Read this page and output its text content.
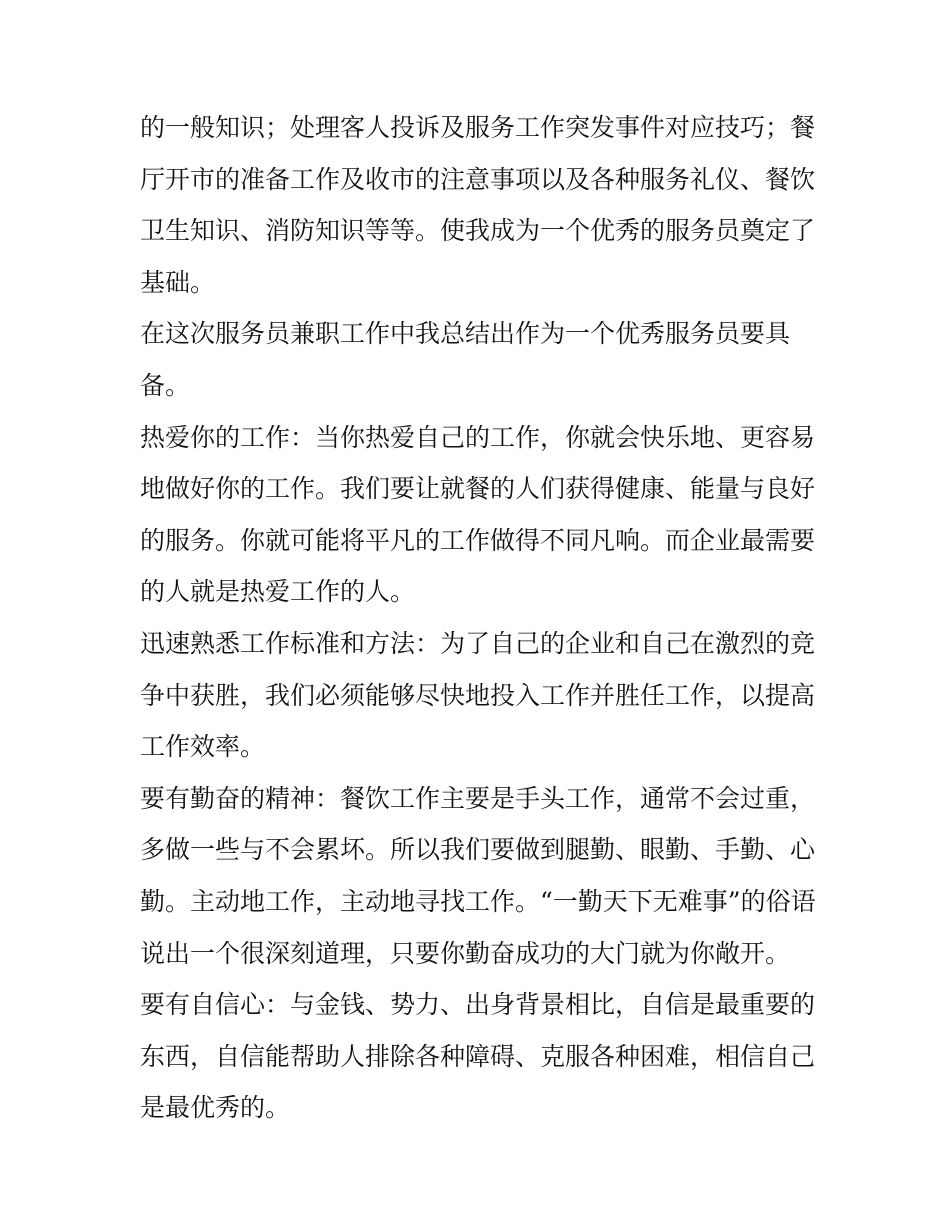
的一般知识；处理客人投诉及服务工作突发事件对应技巧；餐
厅开市的准备工作及收市的注意事项以及各种服务礼仪、餐饮
卫生知识、消防知识等等。使我成为一个优秀的服务员奠定了
基础。
在这次服务员兼职工作中我总结出作为一个优秀服务员要具
备。
热爱你的工作：当你热爱自己的工作，你就会快乐地、更容易
地做好你的工作。我们要让就餐的人们获得健康、能量与良好
的服务。你就可能将平凡的工作做得不同凡响。而企业最需要
的人就是热爱工作的人。
迅速熟悉工作标准和方法：为了自己的企业和自己在激烈的竞
争中获胜，我们必须能够尽快地投入工作并胜任工作，以提高
工作效率。
要有勤奋的精神：餐饮工作主要是手头工作，通常不会过重，
多做一些与不会累坏。所以我们要做到腿勤、眼勤、手勤、心
勤。主动地工作，主动地寻找工作。“一勤天下无难事”的俗语
说出一个很深刻道理，只要你勤奋成功的大门就为你敞开。
要有自信心：与金钱、势力、出身背景相比，自信是最重要的
东西，自信能帮助人排除各种障碍、克服各种困难，相信自己
是最优秀的。
